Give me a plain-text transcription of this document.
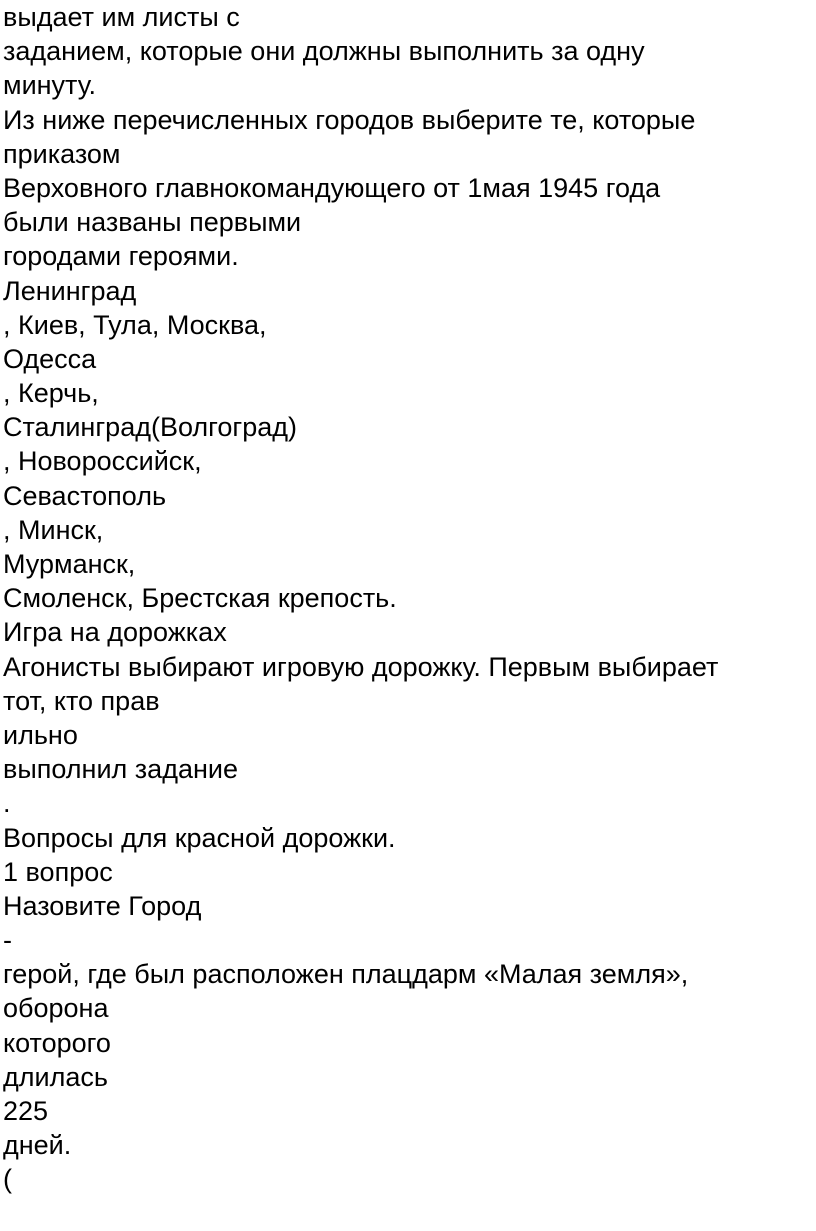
выдает им листы с
заданием, которые они должны выполнить за одну
минуту.
Из ниже перечисленных городов выберите те, которые
приказом
Верховного главнокомандующего от 1мая 1945 года
были названы первыми
городами героями.
Ленинград
, Киев, Тула, Москва,
Одесса
, Керчь,
Сталинград(Волгоград)
, Новороссийск,
Севастополь
, Минск,
Мурманск,
Смоленск, Брестская крепость.
Игра на дорожках
Агонисты выбирают игровую дорожку. Первым выбирает
тот, кто прав
ильно
выполнил задание
.
Вопросы для красной дорожки.
1 вопрос
Назовите Город
-
герой, где был расположен плацдарм «Малая земля»,
оборона
которого
длилась
225
дней.
(
